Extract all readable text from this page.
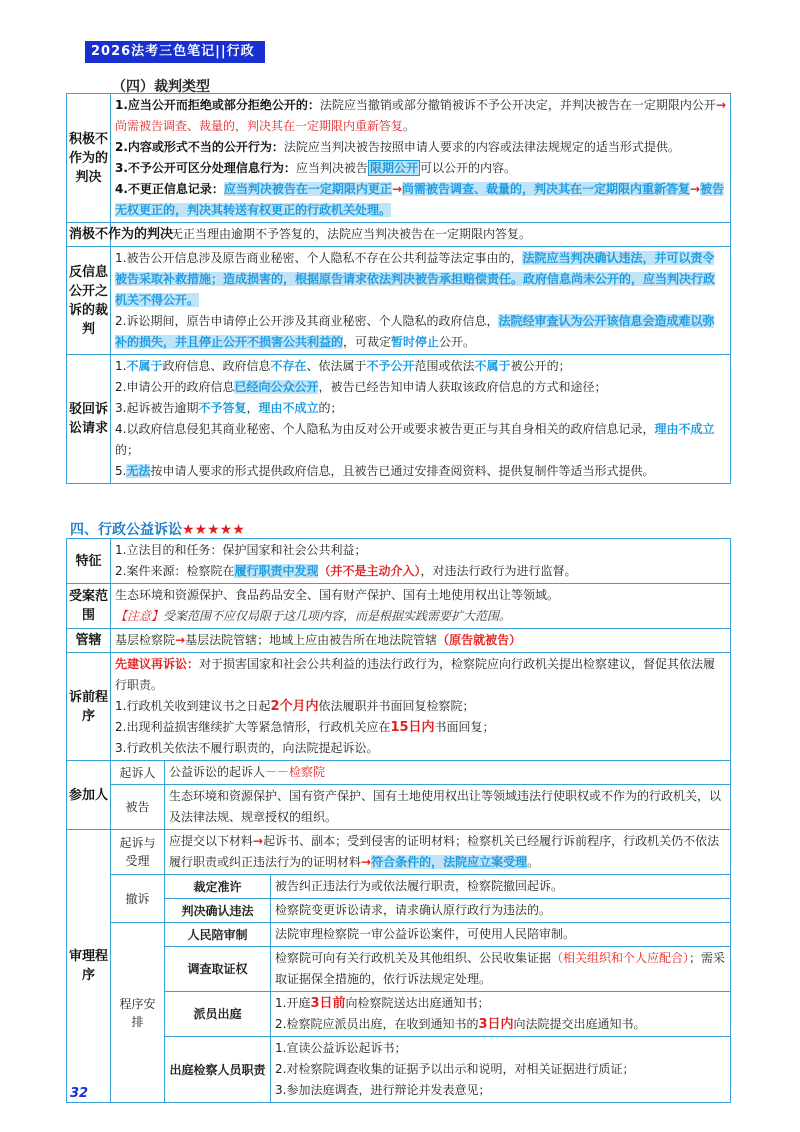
2026法考三色笔记||行政
（四）裁判类型
积极不作为的判决	1.应当公开而拒绝或部分拒绝公开的：法院应当撤销或部分撤销被诉不予公开决定，并判决被告在一定期限内公开→尚需被告调查、裁量的，判决其在一定期限内重新答复。

2.内容或形式不当的公开行为：法院应当判决被告按照申请人要求的内容或法律法规规定的适当形式提供。

3.不予公开可区分处理信息行为：应当判决被告 限期公开 可以公开的内容。

4.不更正信息记录：应当判决被告在一定期限内更正→尚需被告调查、裁量的，判决其在一定期限内重新答复→被告无权更正的，判决其转送有权更正的行政机关处理。

消极不作为的判决	无正当理由逾期不予答复的，法院应当判决被告在一定期限内答复。
反信息公开之诉的裁判	1.被告公开信息涉及原告商业秘密、个人隐私不存在公共利益等法定事由的，法院应当判决确认违法，并可以责令被告采取补救措施；造成损害的，根据原告请求依法判决被告承担赔偿责任。政府信息尚未公开的，应当判决行政机关不得公开。

2.诉讼期间，原告申请停止公开涉及其商业秘密、个人隐私的政府信息，法院经审查认为公开该信息会造成难以弥补的损失，并且停止公开不损害公共利益的，可裁定暂时停止公开。

驳回诉讼请求	1.不属于政府信息、政府信息不存在、依法属于不予公开范围或依法不属于被公开的；

2.申请公开的政府信息已经向公众公开，被告已经告知申请人获取该政府信息的方式和途径；

3.起诉被告逾期不予答复，理由不成立的；

4.以政府信息侵犯其商业秘密、个人隐私为由反对公开或要求被告更正与其自身相关的政府信息记录，理由不成立的；

5.无法按申请人要求的形式提供政府信息，且被告已通过安排查阅资料、提供复制件等适当形式提供。

四、行政公益诉讼★★★★★
特征	1.立法目的和任务：保护国家和社会公共利益；

2.案件来源：检察院在履行职责中发现（并不是主动介入），对违法行政行为进行监督。		

受案范围	生态环境和资源保护、食品药品安全、国有财产保护、国有土地使用权出让等领域。

【注意】受案范围不应仅局限于这几项内容，而是根据实践需要扩大范围。		

管辖	基层检察院→基层法院管辖；地域上应由被告所在地法院管辖（原告就被告）		
诉前程序	先建议再诉讼：对于损害国家和社会公共利益的违法行政行为，检察院应向行政机关提出检察建议，督促其依法履行职责。

1.行政机关收到建议书之日起2个月内依法履职并书面回复检察院；

2.出现利益损害继续扩大等紧急情形，行政机关应在15日内书面回复；

3.行政机关依法不履行职责的，向法院提起诉讼。		

参加人	起诉人	公益诉讼的起诉人－－检察院	
	被告	生态环境和资源保护、国有资产保护、国有土地使用权出让等领域违法行使职权或不作为的行政机关，以及法律法规、规章授权的组织。	
审理程序	起诉与受理	应提交以下材料→起诉书、副本；受到侵害的证明材料；检察机关已经履行诉前程序，行政机关仍不依法履行职责或纠正违法行为的证明材料→符合条件的，法院应立案受理。	
	撤诉	裁定准许	被告纠正违法行为或依法履行职责，检察院撤回起诉。
		判决确认违法	检察院变更诉讼请求，请求确认原行政行为违法的。
	程序安排	人民陪审制	法院审理检察院一审公益诉讼案件，可使用人民陪审制。
		调查取证权	检察院可向有关行政机关及其他组织、公民收集证据（相关组织和个人应配合）；需采取证据保全措施的，依行诉法规定处理。
		派员出庭	1.开庭3日前向检察院送达出庭通知书；

2.检察院应派员出庭，在收到通知书的3日内向法院提交出庭通知书。

		出庭检察人员职责	1.宣读公益诉讼起诉书；

2.对检察院调查收集的证据予以出示和说明，对相关证据进行质证；

3.参加法庭调查，进行辩论并发表意见；

32
